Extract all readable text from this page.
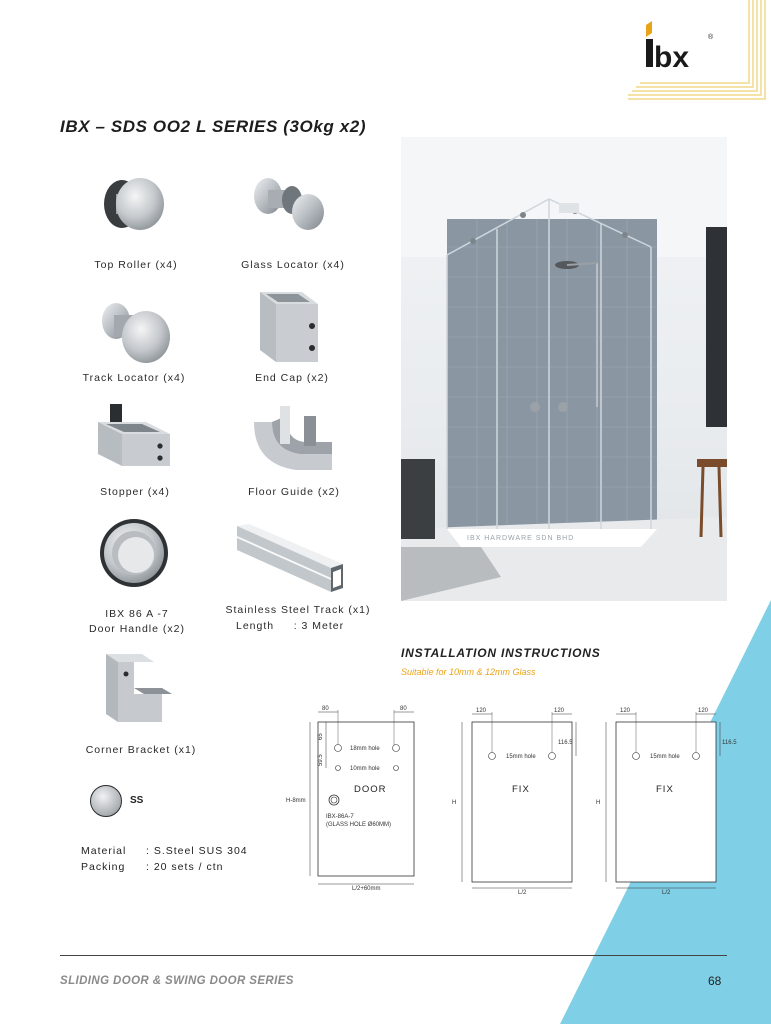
bx
®
IBX – SDS OO2 L SERIES (3Okg x2)
Top Roller (x4)	Glass Locator (x4)
Track Locator (x4)	End Cap (x2)
Stopper (x4)	Floor Guide (x2)
IBX 86 A -7
Door Handle (x2)
Stainless Steel Track (x1)
Length     : 3 Meter
Corner Bracket (x1)
SS
Material : S.Steel SUS 304
Packing : 20 sets / ctn
IBX HARDWARE SDN BHD
INSTALLATION INSTRUCTIONS
Suitable for 10mm & 12mm Glass
80	80
65
59.5
18mm hole
10mm hole
DOOR
IBX-86A-7
(GLASS HOLE Ø60MM)
H-8mm
L/2+60mm
120	120
116.5
15mm hole
FIX
H
L/2
120	120
116.5
15mm hole
FIX
H
L/2
SLIDING DOOR & SWING DOOR SERIES	68
